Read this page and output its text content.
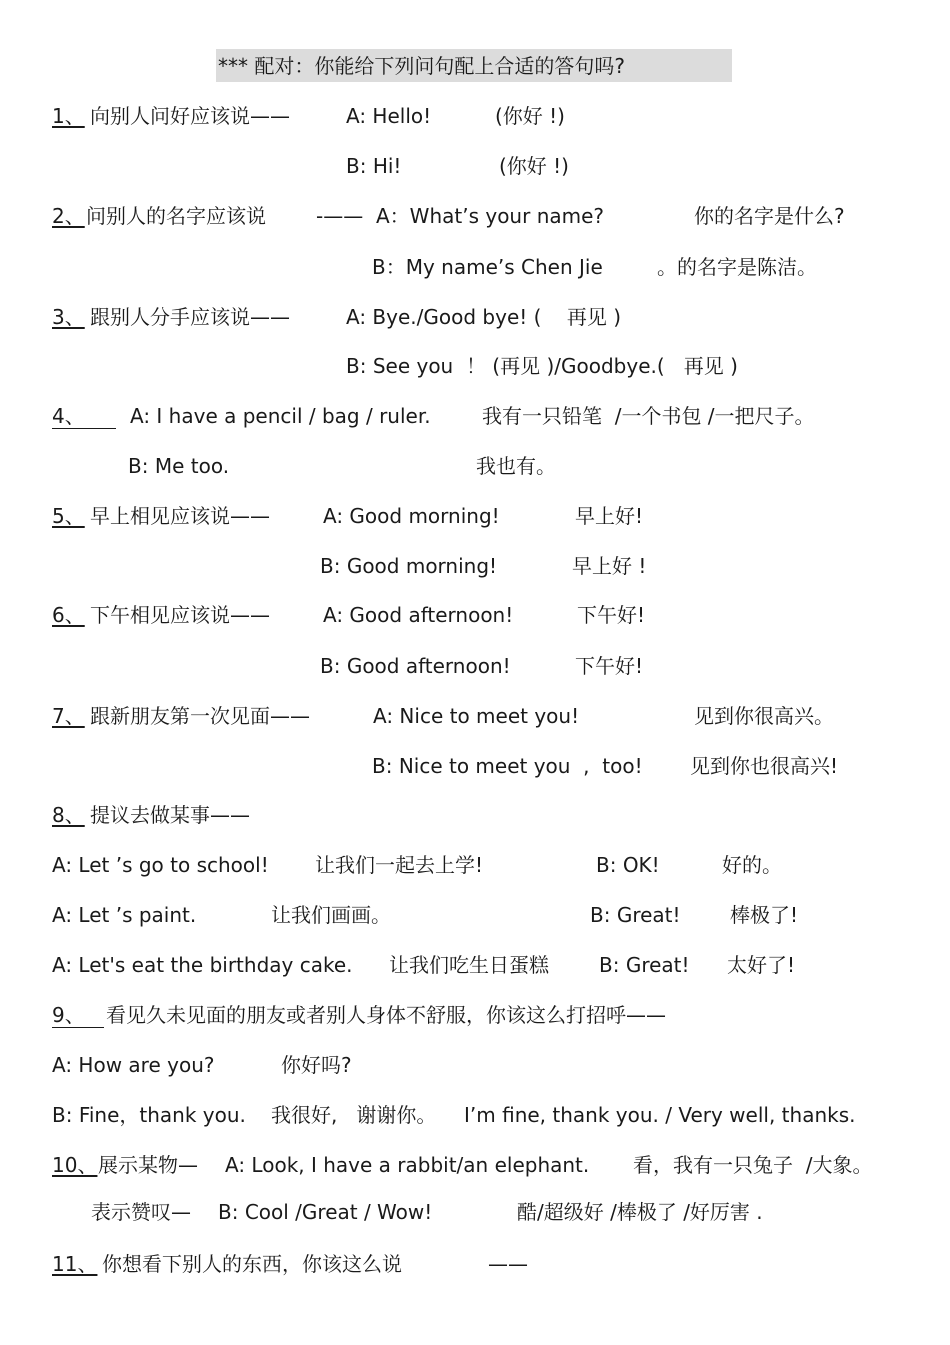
*** 配对：你能给下列问句配上合适的答句吗?
1、 向别人问好应该说——	A: Hello!	(你好 !)
B: Hi!	(你好 !)
2、 问别人的名字应该说	-—— A：What’s your name?	你的名字是什么?
B：My name’s Chen Jie	。的名字是陈洁。
3、 跟别人分手应该说——	A: Bye./Good bye! (    再见 )
B: See you  ！ (再见 )/Goodbye.(   再见 )
4、 A: I have a pencil / bag / ruler.	我有一只铅笔  /一个书包 /一把尺子。
B: Me too.	我也有。
5、 早上相见应该说——	A: Good morning!	早上好!
B: Good morning!	早上好 !
6、 下午相见应该说——	A: Good afternoon!	下午好!
B: Good afternoon!	下午好!
7、 跟新朋友第一次见面——	A: Nice to meet you!	见到你很高兴。
B: Nice to meet you  ,  too! 见到你也很高兴!
8、 提议去做某事——
A: Let ’s go to school! 让我们一起去上学!	B: OK!	好的。
A: Let ’s paint.	让我们画画。	B: Great! 棒极了!
A: Let's eat the birthday cake. 让我们吃生日蛋糕	B: Great! 太好了!
9、 看见久未见面的朋友或者别人身体不舒服，你该这么打招呼——
A: How are you?	你好吗?
B: Fine，thank you. 我很好,   谢谢你。 I’m fine, thank you. / Very well, thanks.
10、 展示某物— A: Look, I have a rabbit/an elephant. 看，我有一只兔子  /大象。
表示赞叹— B: Cool /Great / Wow!	酷/超级好 /棒极了 /好厉害 .
11、 你想看下别人的东西，你该这么说	——
